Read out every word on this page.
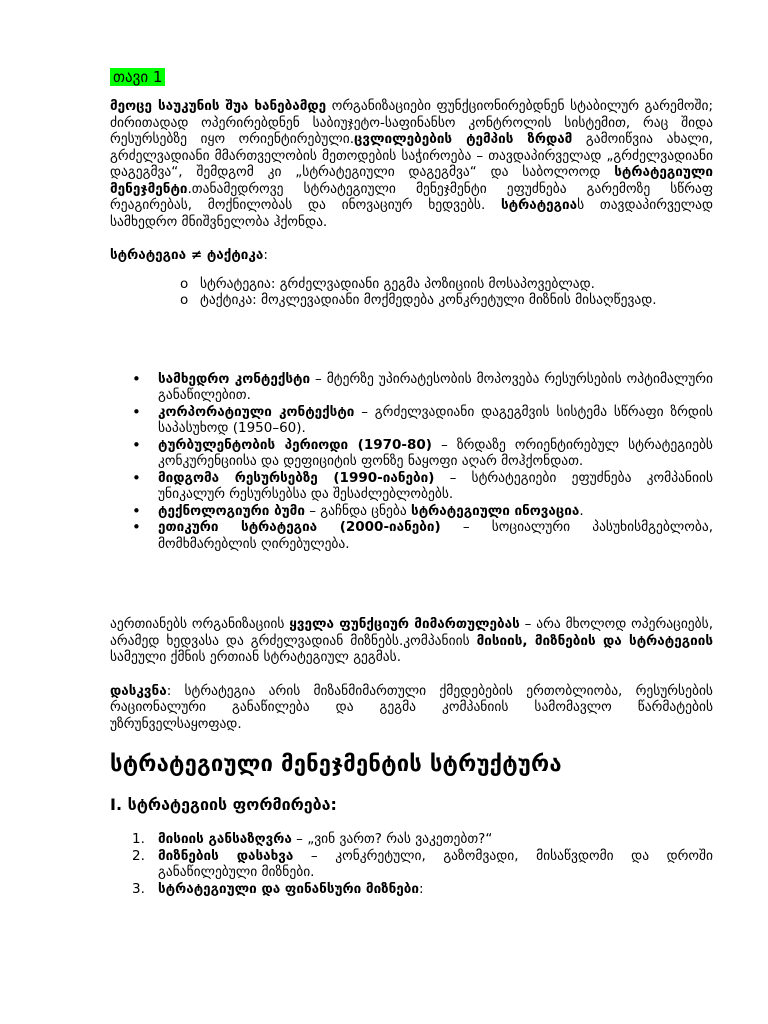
თავი 1

მეოცე საუკუნის შუა ხანებამდე ორგანიზაციები ფუნქციონირებდნენ სტაბილურ გარემოში; ძირითადად ოპერირებდნენ საბიუჯეტო-საფინანსო კონტროლის სისტემით, რაც შიდა რესურსებზე იყო ორიენტირებული.ცვლილებების ტემპის ზრდამ გამოიწვია ახალი, გრძელვადიანი მმართველობის მეთოდების საჭიროება – თავდაპირველად „გრძელვადიანი დაგეგმვა“, შემდგომ კი „სტრატეგიული დაგეგმვა“ და საბოლოოდ სტრატეგიული მენეჯმენტი.თანამედროვე სტრატეგიული მენეჯმენტი ეფუძნება გარემოზე სწრაფ რეაგირებას, მოქნილობას და ინოვაციურ ხედვებს. სტრატეგიას თავდაპირველად სამხედრო მნიშვნელობა ჰქონდა.

სტრატეგია ≠ ტაქტიკა:

o სტრატეგია: გრძელვადიანი გეგმა პოზიციის მოსაპოვებლად.
o ტაქტიკა: მოკლევადიანი მოქმედება კონკრეტული მიზნის მისაღწევად.
• სამხედრო კონტექსტი – მტერზე უპირატესობის მოპოვება რესურსების ოპტიმალური განაწილებით.
• კორპორატიული კონტექსტი – გრძელვადიანი დაგეგმვის სისტემა სწრაფი ზრდის საპასუხოდ (1950–60).
• ტურბულენტობის პერიოდი (1970-80) – ზრდაზე ორიენტირებულ სტრატეგიებს კონკურენციისა და დეფიციტის ფონზე ნაყოფი აღარ მოჰქონდათ.
• მიდგომა რესურსებზე (1990-იანები) – სტრატეგიები ეფუძნება კომპანიის უნიკალურ რესურსებსა და შესაძლებლობებს.
• ტექნოლოგიური ბუმი – გაჩნდა ცნება სტრატეგიული ინოვაცია.
• ეთიკური სტრატეგია (2000-იანები) – სოციალური პასუხისმგებლობა, მომხმარებლის ღირებულება.

აერთიანებს ორგანიზაციის ყველა ფუნქციურ მიმართულებას – არა მხოლოდ ოპერაციებს, არამედ ხედვასა და გრძელვადიან მიზნებს.კომპანიის მისიის, მიზნების და სტრატეგიის სამეული ქმნის ერთიან სტრატეგიულ გეგმას.

დასკვნა: სტრატეგია არის მიზანმიმართული ქმედებების ერთობლიობა, რესურსების რაციონალური განაწილება და გეგმა კომპანიის სამომავლო წარმატების უზრუნველსაყოფად.

სტრატეგიული მენეჯმენტის სტრუქტურა
I. სტრატეგიის ფორმირება:
1. მისიის განსაზღვრა – „ვინ ვართ? რას ვაკეთებთ?“
2. მიზნების დასახვა – კონკრეტული, გაზომვადი, მისაწვდომი და დროში განაწილებული მიზნები.
3. სტრატეგიული და ფინანსური მიზნები:
